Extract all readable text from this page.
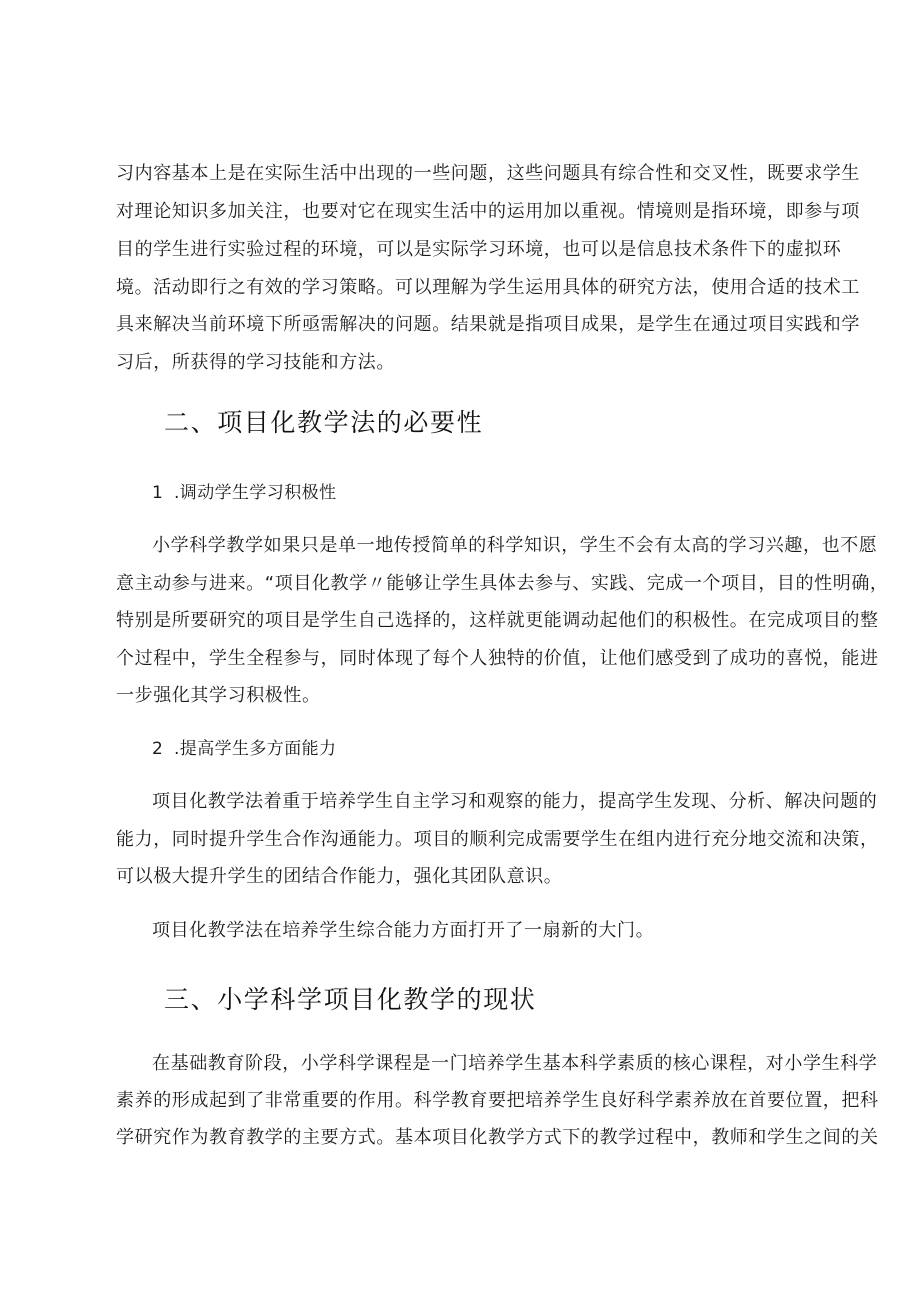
习内容基本上是在实际生活中出现的一些问题，这些问题具有综合性和交叉性，既要求学生
对理论知识多加关注，也要对它在现实生活中的运用加以重视。情境则是指环境，即参与项
目的学生进行实验过程的环境，可以是实际学习环境，也可以是信息技术条件下的虚拟环
境。活动即行之有效的学习策略。可以理解为学生运用具体的研究方法，使用合适的技术工
具来解决当前环境下所亟需解决的问题。结果就是指项目成果，是学生在通过项目实践和学
习后，所获得的学习技能和方法。
二、项目化教学法的必要性
1 .调动学生学习积极性
小学科学教学如果只是单一地传授简单的科学知识，学生不会有太高的学习兴趣，也不愿
意主动参与进来。“项目化教学〃能够让学生具体去参与、实践、完成一个项目，目的性明确，
特别是所要研究的项目是学生自己选择的，这样就更能调动起他们的积极性。在完成项目的整
个过程中，学生全程参与，同时体现了每个人独特的价值，让他们感受到了成功的喜悦，能进
一步强化其学习积极性。
2 .提高学生多方面能力
项目化教学法着重于培养学生自主学习和观察的能力，提高学生发现、分析、解决问题的
能力，同时提升学生合作沟通能力。项目的顺利完成需要学生在组内进行充分地交流和决策，
可以极大提升学生的团结合作能力，强化其团队意识。
项目化教学法在培养学生综合能力方面打开了一扇新的大门。
三、小学科学项目化教学的现状
在基础教育阶段，小学科学课程是一门培养学生基本科学素质的核心课程，对小学生科学
素养的形成起到了非常重要的作用。科学教育要把培养学生良好科学素养放在首要位置，把科
学研究作为教育教学的主要方式。基本项目化教学方式下的教学过程中，教师和学生之间的关
